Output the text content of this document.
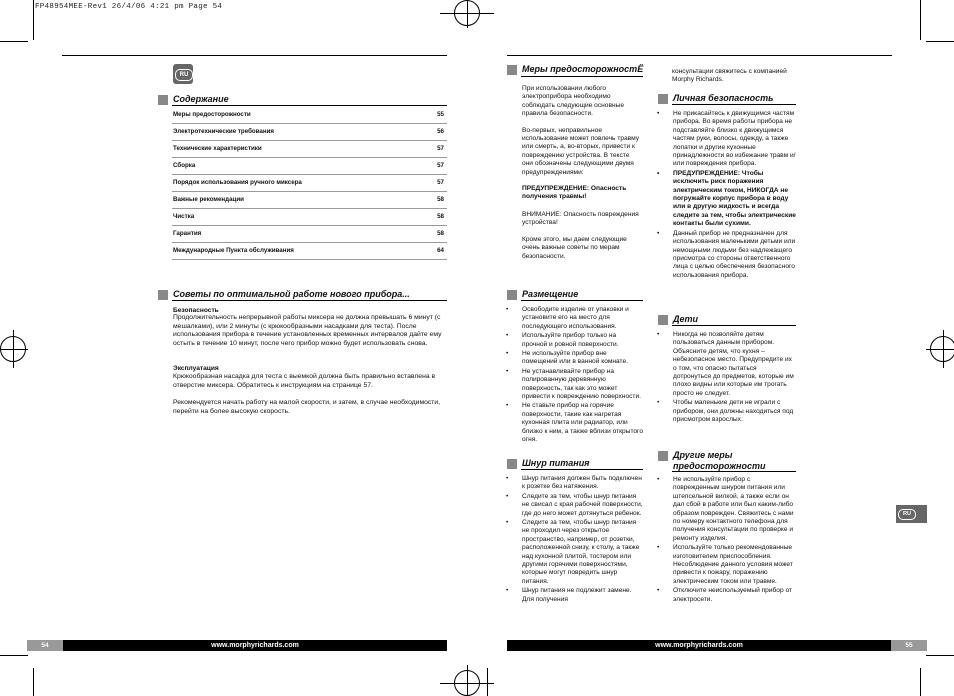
FP48954MEE-Rev1 26/4/06 4:21 pm Page 54
RU
Содержание
Меры предосторожности	55
Электротехнические требования	56
Технические характеристики	57
Сборка	57
Порядок использования ручного миксера	57
Важные рекомендации	58
Чистка	58
Гарантия	58
Международные Пункта обслуживания	64
Советы по оптимальной работе нового прибора...
Безопасность
Продолжительность непрерывной работы миксера не должна превышать 6 минут (с мешалками), или 2 минуты (с крюкообразными насадками для теста). После использования прибора в течение установленных временных интервалов дайте ему остыть в течение 10 минут, после чего прибор можно будет использовать снова.
Эксплуатация
Крюкообразная насадка для теста с выемкой должна быть правильно вставлена в отверстие миксера. Обратитесь к инструкциям на странице 57.
Рекомендуется начать работу на малой скорости, и затем, в случае необходимости, перейти на более высокую скорость.
54	www.morphyrichards.com
Меры предосторожностЁ
При использовании любого электроприбора необходимо соблюдать следующие основные правила безопасности.
Во-первых, неправильное использование может повлечь травму или смерть, а, во-вторых, привести к повреждению устройства. В тексте они обозначены следующими двумя предупреждениями:
ПРЕДУПРЕЖДЕНИЕ: Опасность получения травмы!
ВНИМАНИЕ: Опасность повреждения устройства!
Кроме этого, мы даем следующие очень важные советы по мерам безопасности.
Размещение
• Освободите изделие от упаковки и установите его на место для последующего использования.
• Используйте прибор только на прочной и ровной поверхности.
• Не используйте прибор вне помещений или в ванной комнате.
• Не устанавливайте прибор на полированную деревянную поверхность, так как это может привести к повреждению поверхности.
• Не ставьте прибор на горячие поверхности, такие как нагретая кухонная плита или радиатор, или близко к ним, а также вблизи открытого огня.
Шнур питания
• Шнур питания должен быть подключен к розетке без натяжения.
• Следите за тем, чтобы шнур питания не свисал с края рабочей поверхности, где до него может дотянуться ребенок.
• Следите за тем, чтобы шнур питания не проходил через открытое пространство, например, от розетки, расположенной снизу, к столу, а также над кухонной плитой, тостером или другими горячими поверхностями, которые могут повредить шнур питания.
• Шнур питания не подлежит замене. Для получения
консультации свяжитесь с компанией Morphy Richards.
Личная безопасность
• Не прикасайтесь к движущимся частям прибора. Во время работы прибора не подставляйте близко к движущимся частям руки, волосы, одежду, а также лопатки и другие кухонные принадлежности во избежание травм и/или повреждения прибора.
• ПРЕДУПРЕЖДЕНИЕ: Чтобы исключить риск поражения электрическим током, НИКОГДА не погружайте корпус прибора в воду или в другую жидкость и всегда следите за тем, чтобы электрические контакты были сухими.
• Данный прибор не предназначен для использования маленькими детьми или немощными людьми без надлежащего присмотра со стороны ответственного лица с целью обеспечения безопасного использования прибора.
Дети
• Никогда не позволяйте детям пользоваться данным прибором. Объясните детям, что кухня – небезопасное место. Предупредите их о том, что опасно пытаться дотронуться до предметов, которые им плохо видны или которые им трогать просто не следует.
• Чтобы маленькие дети не играли с прибором, они должны находиться под присмотром взрослых.
Другие меры предосторожности
• Не используйте прибор с поврежденным шнуром питания или штепсельной вилкой, а также если он дал сбой в работе или был каким-либо образом поврежден. Свяжитесь с нами по номеру контактного телефона для получения консультации по проверке и ремонту изделия.
• Используйте только рекомендованные изготовителем приспособления. Несоблюдение данного условия может привести к пожару, поражению электрическим током или травме.
• Отключите неиспользуемый прибор от электросети.
RU
www.morphyrichards.com	55
